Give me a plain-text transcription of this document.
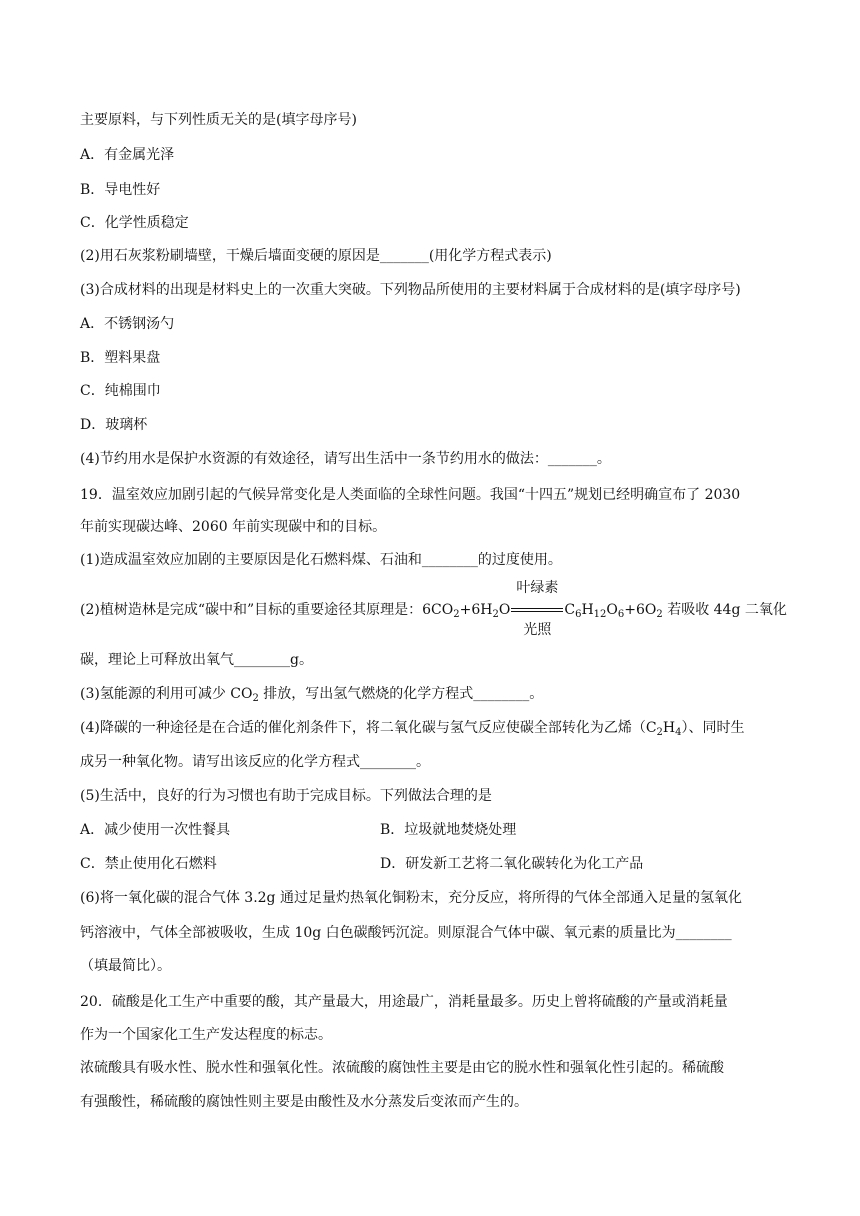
主要原料，与下列性质无关的是(填字母序号)
A．有金属光泽
B．导电性好
C．化学性质稳定
(2)用石灰浆粉刷墙壁，干燥后墙面变硬的原因是_______(用化学方程式表示)
(3)合成材料的出现是材料史上的一次重大突破。下列物品所使用的主要材料属于合成材料的是(填字母序号)
A．不锈钢汤勺
B．塑料果盘
C．纯棉围巾
D．玻璃杯
(4)节约用水是保护水资源的有效途径，请写出生活中一条节约用水的做法：_______。
19．温室效应加剧引起的气候异常变化是人类面临的全球性问题。我国“十四五”规划已经明确宣布了 2030
年前实现碳达峰、2060 年前实现碳中和的目标。
(1)造成温室效应加剧的主要原因是化石燃料煤、石油和________的过度使用。
(2)植树造林是完成“碳中和”目标的重要途径其原理是：$6CO_2+6H_2O$
叶绿素
光照
$C_6H_{12}O_6+6O_2$ 若吸收 44g 二氧化
碳，理论上可释放出氧气________g。
(3)氢能源的利用可减少 $CO_2$ 排放，写出氢气燃烧的化学方程式________。
(4)降碳的一种途径是在合适的催化剂条件下，将二氧化碳与氢气反应使碳全部转化为乙烯$(C_2H_4)$、同时生
成另一种氧化物。请写出该反应的化学方程式________。
(5)生活中，良好的行为习惯也有助于完成目标。下列做法合理的是
A．减少使用一次性餐具	B．垃圾就地焚烧处理
C．禁止使用化石燃料	D．研发新工艺将二氧化碳转化为化工产品
(6)将一氧化碳的混合气体 3.2g 通过足量灼热氧化铜粉末，充分反应，将所得的气体全部通入足量的氢氧化
钙溶液中，气体全部被吸收，生成 10g 白色碳酸钙沉淀。则原混合气体中碳、氧元素的质量比为________
（填最简比）。
20．硫酸是化工生产中重要的酸，其产量最大，用途最广，消耗量最多。历史上曾将硫酸的产量或消耗量
作为一个国家化工生产发达程度的标志。
浓硫酸具有吸水性、脱水性和强氧化性。浓硫酸的腐蚀性主要是由它的脱水性和强氧化性引起的。稀硫酸
有强酸性，稀硫酸的腐蚀性则主要是由酸性及水分蒸发后变浓而产生的。
